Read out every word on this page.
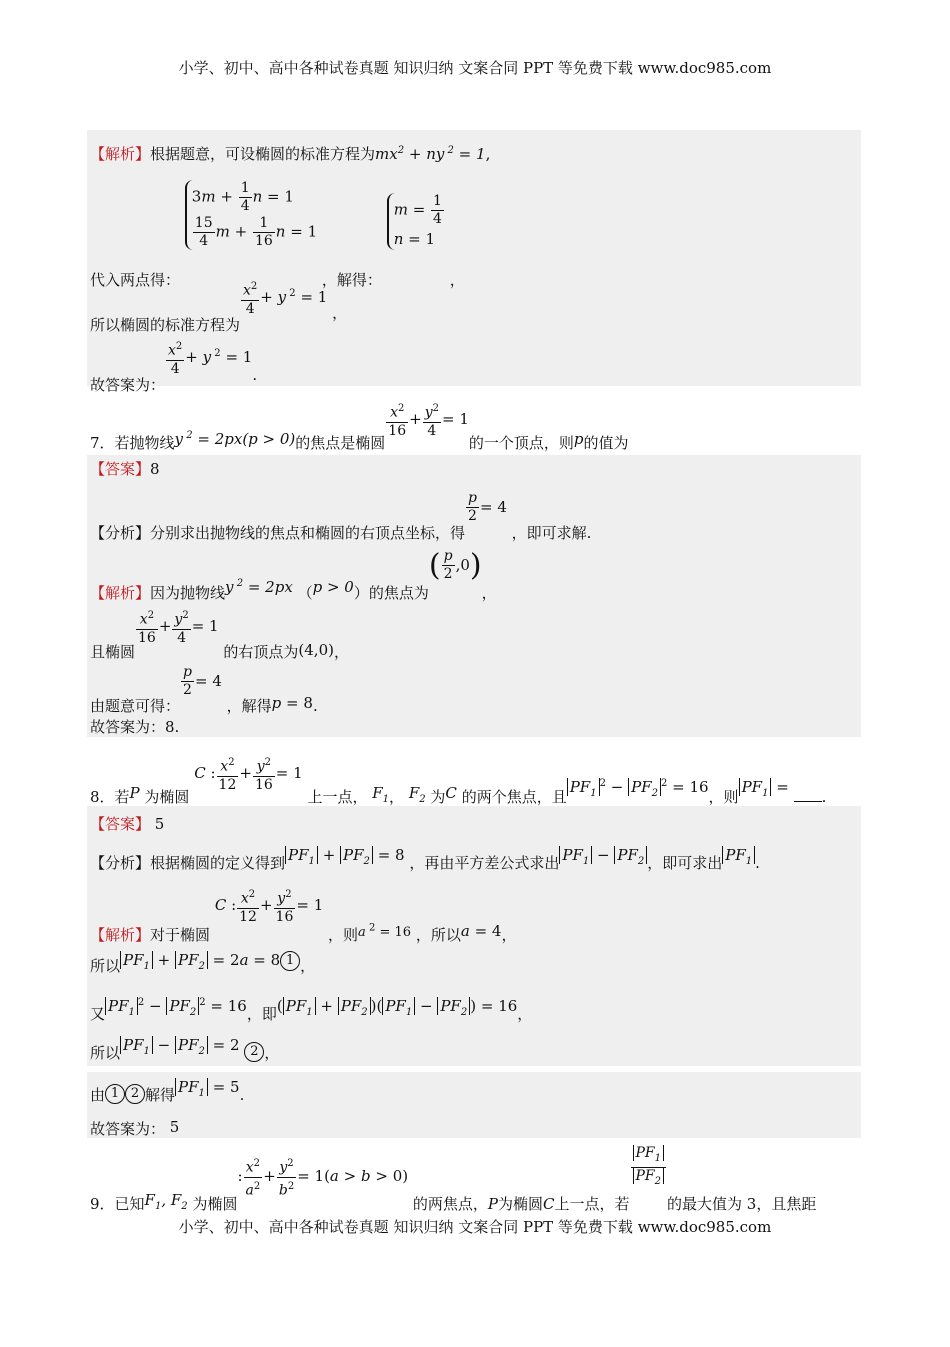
小学、初中、高中各种试卷真题 知识归纳 文案合同 PPT 等免费下载 www.doc985.com
【解析】根据题意，可设椭圆的标准方程为$mx^2$ + ny $^2$ = 1,
代入两点得：
$3m + \frac{1}{4}$ n = 1
$\frac{15}{4}$ $m + \frac{1}{16}$ n = 1
，解得：
$m = \frac{1}{4}$
n = 1
，
所以椭圆的标准方程为
$\frac{x^2}{4} + y$ $^2$ = 1 ，
故答案为：
$\frac{x^2}{4} + y$ $^2$ = 1.
7．若抛物线y $^2$ = 2px(p > 0)的焦点是椭圆
$\frac{x^2}{16} + \frac{y^2}{4} = 1$的一个顶点，则p的值为
【答案】8
【分析】分别求出抛物线的焦点和椭圆的右顶点坐标，得
$\frac{p}{2} = 4$ ，即可求解.
【解析】因为抛物线y $^2$ = 2px （p > 0）的焦点为( $\frac{p}{2} ,0$)，
且椭圆
$\frac{x^2}{16} + \frac{y^2}{4} = 1$ 的右顶点为(4,0)，
由题意可得：
$\frac{p}{2} = 4$ ，解得p = 8.
故答案为：8.
8．若P 为椭圆 C : $\frac{x^2}{12} + \frac{y^2}{16} = 1$ 上一点， $F_1$， $F_2$ 为C 的两个焦点，且$PF_1^2 - PF_2^2 = 16$，则$PF_1$ = .
【答案】 5
【分析】根据椭圆的定义得到 $PF_1 + PF_2 = 8$ ，再由平方差公式求出 $PF_1 - PF_2$ ，即可求出 $PF_1$ .
【解析】对于椭圆 C : $\frac{x^2}{12} + \frac{y^2}{16} = 1$ ，则a $^2$ = 16 ，所以a = 4，
所以 $PF_1 + PF_2 = 2a = 8$ 1 ，
又 $PF_1^2 - PF_2^2 = 16$，即( $PF_1 + PF_2$ )( $PF_1 - PF_2$ ) = 16，
所以 $PF_1 - PF_2 = 2$ 2 ，
由 1 2 解得 $PF_1 = 5$.
故答案为： 5
9．已知$F_1$, $F_2$ 为椭圆: $\frac{x^2}{a^2} + \frac{y^2}{b^2} = 1(a > b > 0)$ 的两焦点，P为椭圆C上一点，若
$\frac{PF_1}{PF_2}$
的最大值为 3，且焦距
小学、初中、高中各种试卷真题 知识归纳 文案合同 PPT 等免费下载 www.doc985.com
